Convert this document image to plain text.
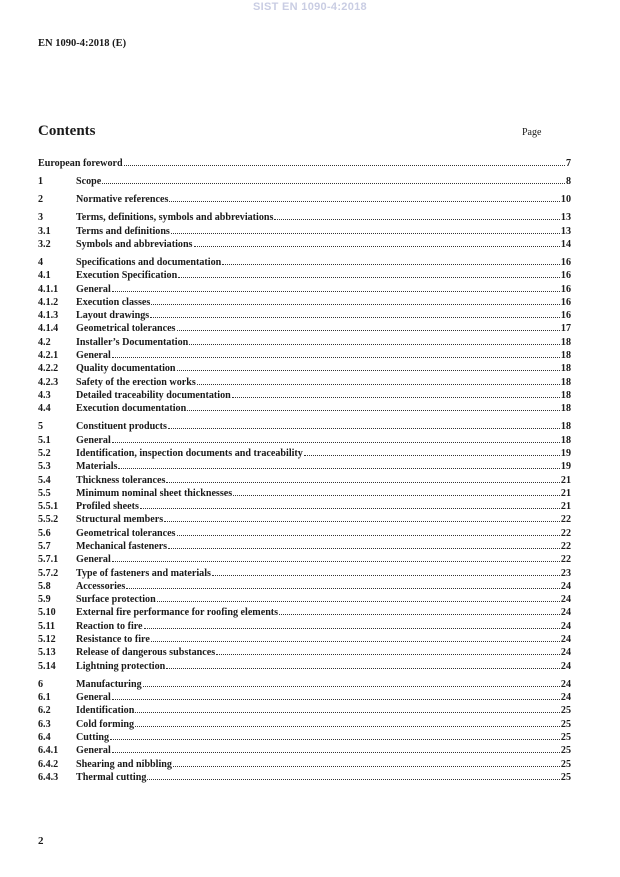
SIST EN 1090-4:2018
EN 1090-4:2018 (E)
Contents	Page
European foreword	7
1	Scope	8
2	Normative references	10
3	Terms, definitions, symbols and abbreviations	13
3.1	Terms and definitions	13
3.2	Symbols and abbreviations	14
4	Specifications and documentation	16
4.1	Execution Specification	16
4.1.1	General	16
4.1.2	Execution classes	16
4.1.3	Layout drawings	16
4.1.4	Geometrical tolerances	17
4.2	Installer’s Documentation	18
4.2.1	General	18
4.2.2	Quality documentation	18
4.2.3	Safety of the erection works	18
4.3	Detailed traceability documentation	18
4.4	Execution documentation	18
5	Constituent products	18
5.1	General	18
5.2	Identification, inspection documents and traceability	19
5.3	Materials	19
5.4	Thickness tolerances	21
5.5	Minimum nominal sheet thicknesses	21
5.5.1	Profiled sheets	21
5.5.2	Structural members	22
5.6	Geometrical tolerances	22
5.7	Mechanical fasteners	22
5.7.1	General	22
5.7.2	Type of fasteners and materials	23
5.8	Accessories	24
5.9	Surface protection	24
5.10	External fire performance for roofing elements	24
5.11	Reaction to fire	24
5.12	Resistance to fire	24
5.13	Release of dangerous substances	24
5.14	Lightning protection	24
6	Manufacturing	24
6.1	General	24
6.2	Identification	25
6.3	Cold forming	25
6.4	Cutting	25
6.4.1	General	25
6.4.2	Shearing and nibbling	25
6.4.3	Thermal cutting	25
2
